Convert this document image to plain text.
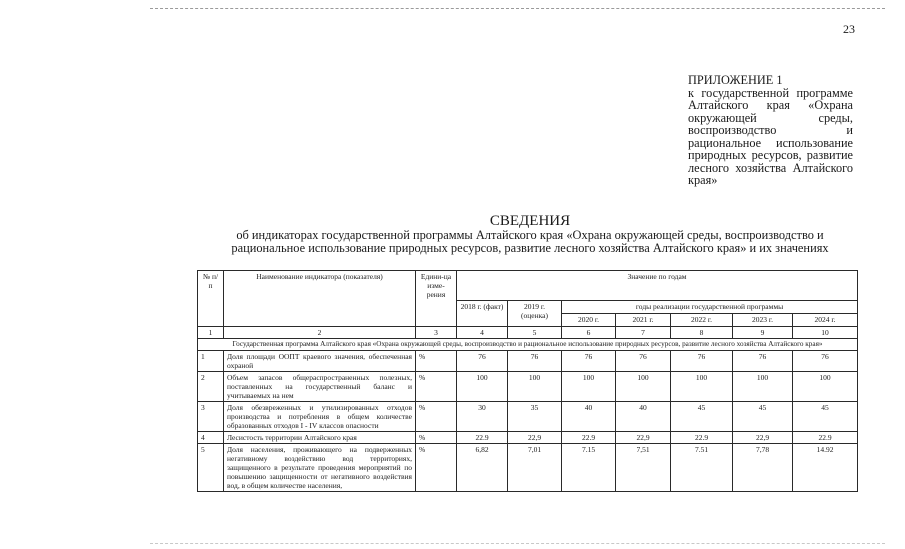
23
ПРИЛОЖЕНИЕ 1
к государственной программе Алтайского края «Охрана окружающей среды, воспроизводство и рациональное использование природных ресурсов, развитие лесного хозяйства Алтайского края»
СВЕДЕНИЯ
об индикаторах государственной программы Алтайского края «Охрана окружающей среды, воспроизводство и
рациональное использование природных ресурсов, развитие лесного хозяйства Алтайского края» и их значениях
№ п/п	Наименование индикатора (показателя)	Едини-ца изме-рения	Значение по годам						
			2018 г. (факт)	2019 г. (оценка)	годы реализации государственной программы				
					2020 г.	2021 г.	2022 г.	2023 г.	2024 г.
1	2	3	4	5	6	7	8	9	10
Государственная программа Алтайского края «Охрана окружающей среды, воспроизводство и рациональное использование природных ресурсов, развитие лесного хозяйства Алтайского края»									
1	Доля площади ООПТ краевого значения, обеспеченная охраной	%	76	76	76	76	76	76	76
2	Объем запасов общераспространенных полезных, поставленных на государственный баланс и учитываемых на нем	%	100	100	100	100	100	100	100
3	Доля обезвреженных и утилизированных отходов производства и потребления в общем количестве образованных отходов I - IV классов опасности	%	30	35	40	40	45	45	45
4	Лесистость территории Алтайского края	%	22.9	22,9	22.9	22,9	22.9	22,9	22.9
5	Доля населения, проживающего на подверженных негативному воздействию вод территориях, защищенного в результате проведения мероприятий по повышению защищенности от негативного воздействия вод, в общем количестве населения,	%	6,82	7,01	7.15	7,51	7.51	7,78	14.92
